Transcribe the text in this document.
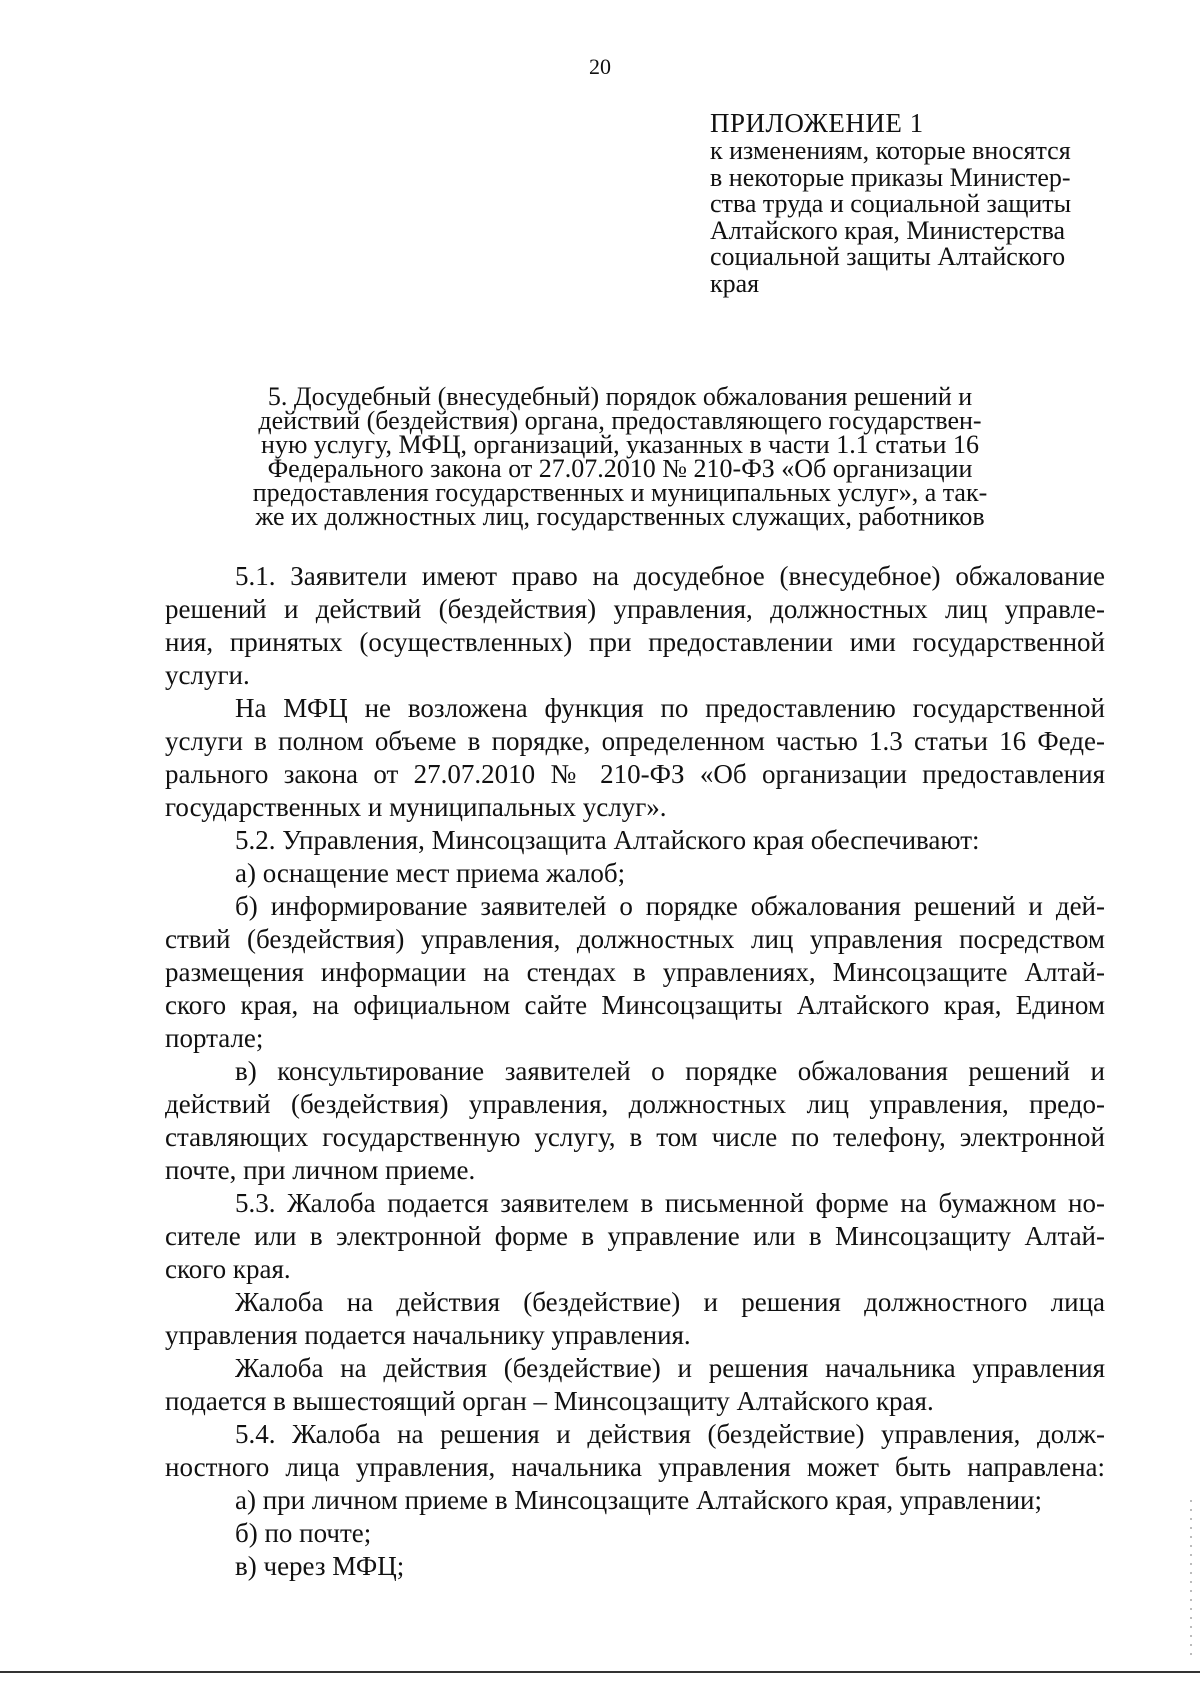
20
ПРИЛОЖЕНИЕ 1
к изменениям, которые вносятся
в некоторые приказы Министер-
ства труда и социальной защиты
Алтайского края, Министерства
социальной защиты Алтайского
края
5. Досудебный (внесудебный) порядок обжалования решений и
действий (бездействия) органа, предоставляющего государствен-
ную услугу, МФЦ, организаций, указанных в части 1.1 статьи 16
Федерального закона от 27.07.2010 № 210-ФЗ «Об организации
предоставления государственных и муниципальных услуг», а так-
же их должностных лиц, государственных служащих, работников
5.1. Заявители имеют право на досудебное (внесудебное) обжалование
решений и действий (бездействия) управления, должностных лиц управле-
ния, принятых (осуществленных) при предоставлении ими государственной
услуги.
На МФЦ не возложена функция по предоставлению государственной
услуги в полном объеме в порядке, определенном частью 1.3 статьи 16 Феде-
рального закона от 27.07.2010 № 210-ФЗ «Об организации предоставления
государственных и муниципальных услуг».
5.2. Управления, Минсоцзащита Алтайского края обеспечивают:
а) оснащение мест приема жалоб;
б) информирование заявителей о порядке обжалования решений и дей-
ствий (бездействия) управления, должностных лиц управления посредством
размещения информации на стендах в управлениях, Минсоцзащите Алтай-
ского края, на официальном сайте Минсоцзащиты Алтайского края, Едином
портале;
в) консультирование заявителей о порядке обжалования решений и
действий (бездействия) управления, должностных лиц управления, предо-
ставляющих государственную услугу, в том числе по телефону, электронной
почте, при личном приеме.
5.3. Жалоба подается заявителем в письменной форме на бумажном но-
сителе или в электронной форме в управление или в Минсоцзащиту Алтай-
ского края.
Жалоба на действия (бездействие) и решения должностного лица
управления подается начальнику управления.
Жалоба на действия (бездействие) и решения начальника управления
подается в вышестоящий орган – Минсоцзащиту Алтайского края.
5.4. Жалоба на решения и действия (бездействие) управления, долж-
ностного лица управления, начальника управления может быть направлена:
а) при личном приеме в Минсоцзащите Алтайского края, управлении;
б) по почте;
в) через МФЦ;
